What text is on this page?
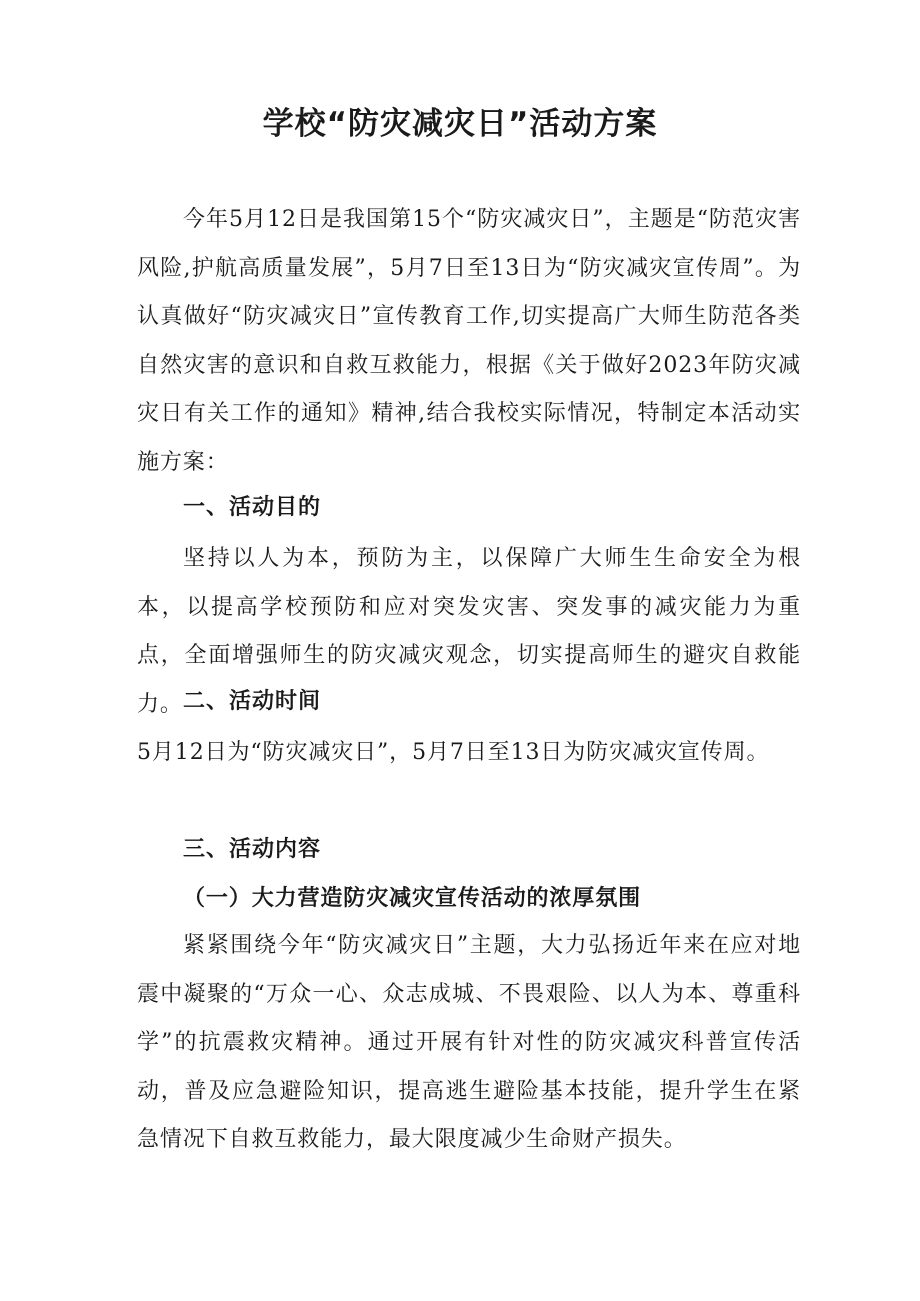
学校“防灾减灾日”活动方案

今年5月12日是我国第15个“防灾减灾日”，主题是“防范灾害风险,护航高质量发展”，5月7日至13日为“防灾减灾宣传周”。为认真做好“防灾减灾日”宣传教育工作,切实提高广大师生防范各类自然灾害的意识和自救互救能力，根据《关于做好2023年防灾减灾日有关工作的通知》精神,结合我校实际情况，特制定本活动实施方案：

一、活动目的

坚持以人为本，预防为主，以保障广大师生生命安全为根本，以提高学校预防和应对突发灾害、突发事的减灾能力为重点，全面增强师生的防灾减灾观念，切实提高师生的避灾自救能力。 二、活动时间

5月12日为“防灾减灾日”，5月7日至13日为防灾减灾宣传周。

三、活动内容
（一）大力营造防灾减灾宣传活动的浓厚氛围

紧紧围绕今年“防灾减灾日”主题，大力弘扬近年来在应对地震中凝聚的“万众一心、众志成城、不畏艰险、以人为本、尊重科学”的抗震救灾精神。通过开展有针对性的防灾减灾科普宣传活动，普及应急避险知识，提高逃生避险基本技能，提升学生在紧急情况下自救互救能力，最大限度减少生命财产损失。
